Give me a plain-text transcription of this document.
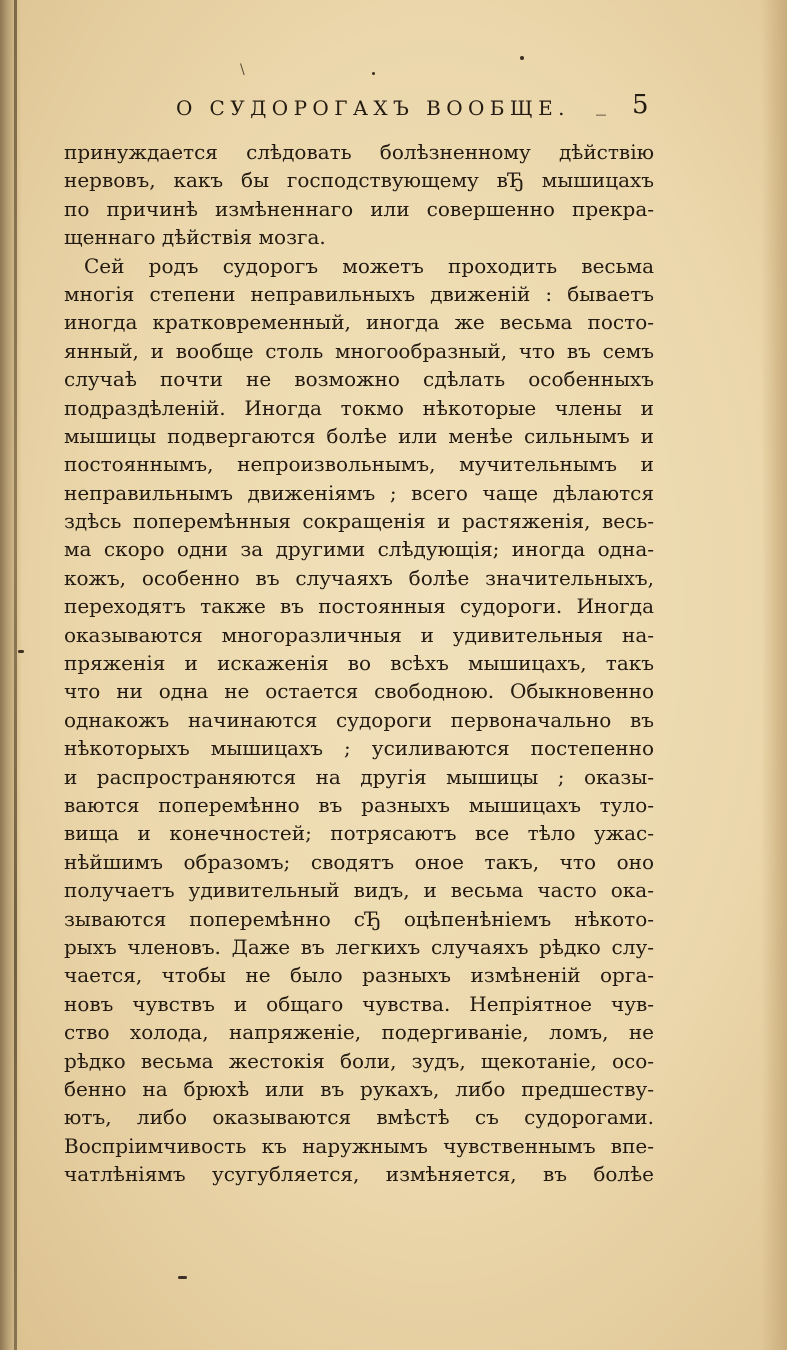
\
О СУДОРОГАХЪ ВООБЩЕ. _ 5
принуждается слѣдовать болѣзненному дѣйствiю
нервовъ, какъ бы господствующему вЂ мышицахъ
по причинѣ измѣненнаго или совершенно прекра-
щеннаго дѣйствiя мозга.
Сей родъ судорогъ можетъ проходить весьма
многiя степени неправильныхъ движенiй : бываетъ
иногда кратковременный, иногда же весьма посто-
янный, и вообще столь многообразный, что въ семъ
случаѣ почти не возможно сдѣлать особенныхъ
подраздѣленiй. Иногда токмо нѣкоторые члены и
мышицы подвергаются болѣе или менѣе сильнымъ и
постояннымъ, непроизвольнымъ, мучительнымъ и
неправильнымъ движенiямъ ; всего чаще дѣлаются
здѣсь поперемѣнныя сокращенiя и растяженiя, весь-
ма скоро одни за другими слѣдующiя; иногда одна-
кожъ, особенно въ случаяхъ болѣе значительныхъ,
переходятъ также въ постоянныя судороги. Иногда
оказываются многоразличныя и удивительныя на-
пряженiя и искаженiя во всѣхъ мышицахъ, такъ
что ни одна не остается свободною. Обыкновенно
однакожъ начинаются судороги первоначально въ
нѣкоторыхъ мышицахъ ; усиливаются постепенно
и распространяются на другiя мышицы ; оказы-
ваются поперемѣнно въ разныхъ мышицахъ туло-
вища и конечностей; потрясаютъ все тѣло ужас-
нѣйшимъ образомъ; сводятъ оное такъ, что оно
получаетъ удивительный видъ, и весьма часто ока-
зываются поперемѣнно сЂ оцѣпенѣнiемъ нѣкото-
рыхъ членовъ. Даже въ легкихъ случаяхъ рѣдко слу-
чается, чтобы не было разныхъ измѣненiй орга-
новъ чувствъ и общаго чувства. Непрiятное чув-
ство холода, напряженiе, подергиванiе, ломъ, не
рѣдко весьма жестокiя боли, зудъ, щекотанiе, осо-
бенно на брюхѣ или въ рукахъ, либо предшеству-
ютъ, либо оказываются вмѣстѣ съ судорогами.
Воспрiимчивость къ наружнымъ чувственнымъ впе-
чатлѣнiямъ усугубляется, измѣняется, въ болѣе
